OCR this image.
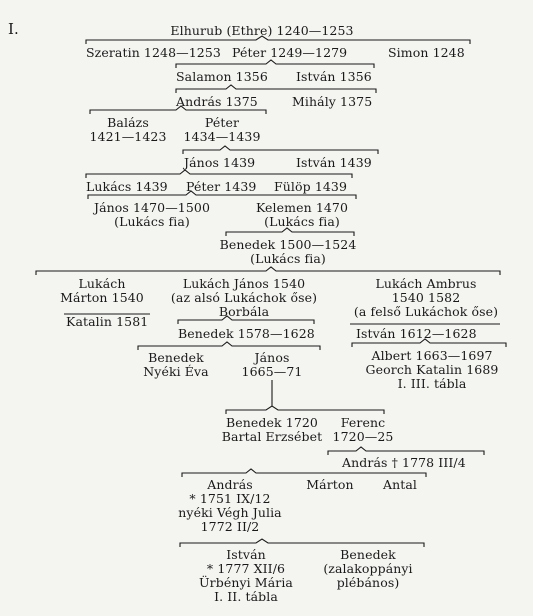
I.	Elhurub (Ethre) 1240—1253
Szeratin 1248—1253 Péter 1249—1279	Simon 1248
Salamon 1356 István 1356
András 1375	Mihály 1375
Balázs
1421—1423
Péter
1434—1439
János 1439	István 1439
Lukács 1439 Péter 1439 Fülöp 1439
János 1470—1500
(Lukács fia)
Kelemen 1470
(Lukács fia)
Benedek 1500—1524
(Lukács fia)
Lukách
Márton 1540
Lukách János 1540
(az alsó Lukáchok őse)
Lukách Ambrus
1540 1582
(a felső Lukáchok őse)
Katalin 1581
Borbála
Benedek 1578—1628	István 1612—1628
Benedek
Nyéki Éva
János
1665—71
Albert 1663—1697
Georch Katalin 1689
I. III. tábla
Benedek 1720
Bartal Erzsébet
Ferenc
1720—25
András † 1778 III/4
András
* 1751 IX/12
nyéki Végh Julia
1772 II/2
Márton Antal
István
* 1777 XII/6
Ürbényi Mária
I. II. tábla
Benedek
(zalakoppányi
plébános)
